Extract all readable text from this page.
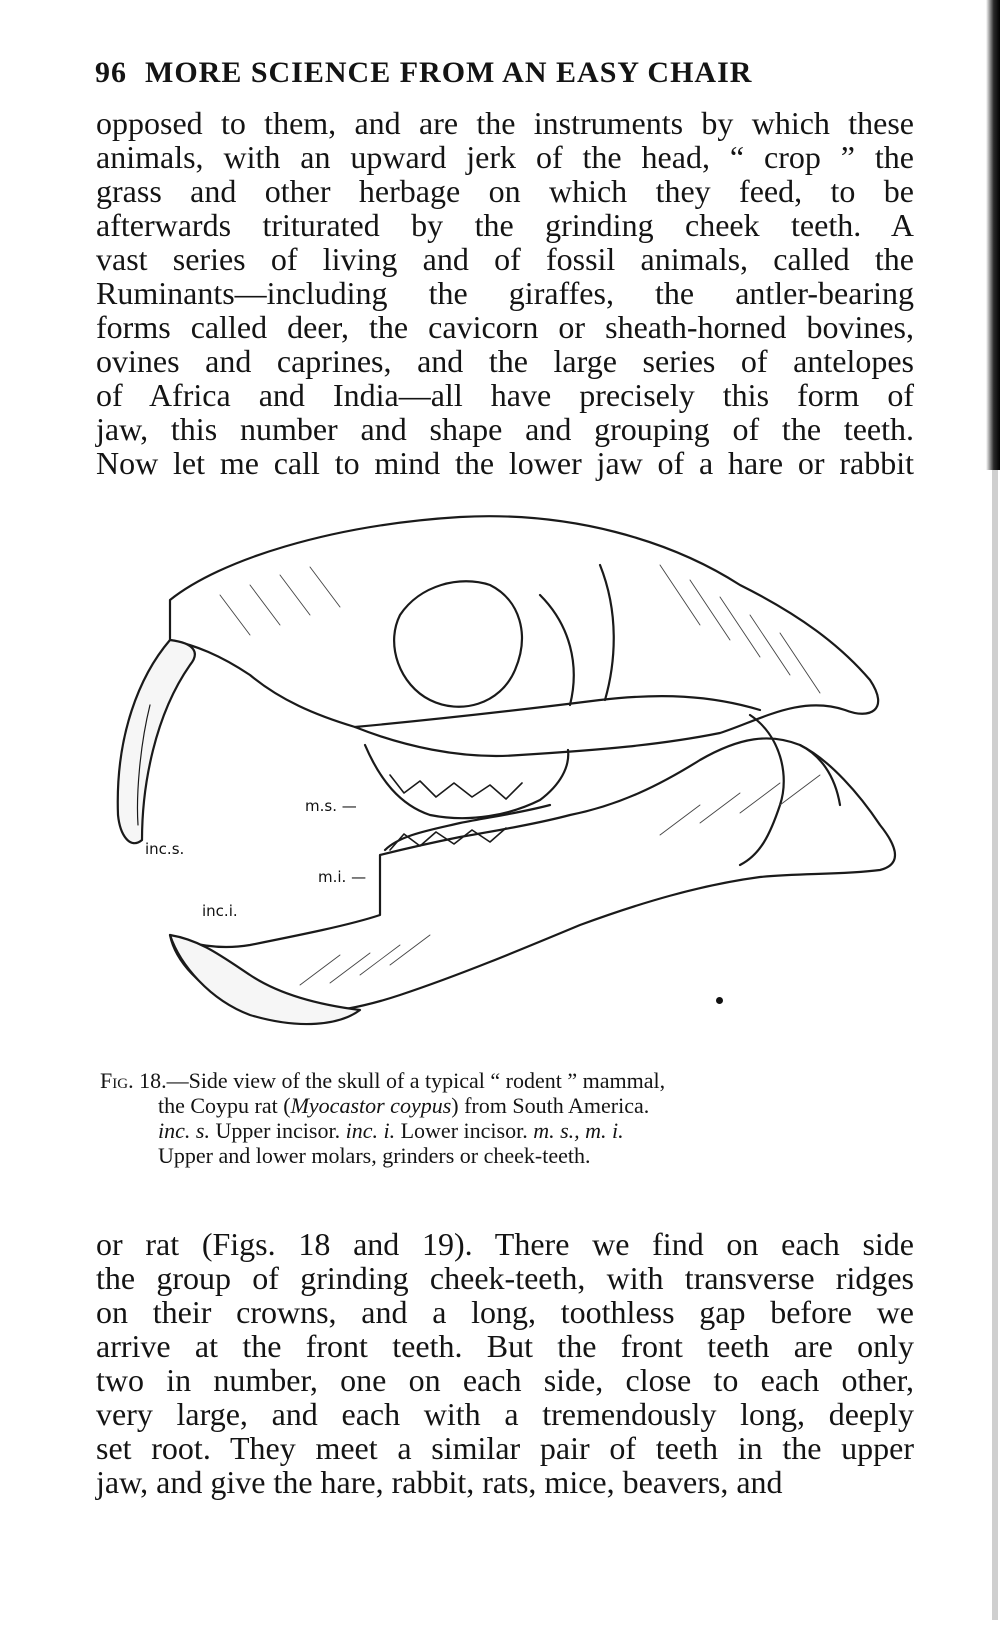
96 MORE SCIENCE FROM AN EASY CHAIR
opposed to them, and are the instruments by which these
animals, with an upward jerk of the head, “ crop ” the
grass and other herbage on which they feed, to be
afterwards triturated by the grinding cheek teeth. A
vast series of living and of fossil animals, called the
Ruminants—including the giraffes, the antler-bearing
forms called deer, the cavicorn or sheath-horned bovines,
ovines and caprines, and the large series of antelopes
of Africa and India—all have precisely this form of
jaw, this number and shape and grouping of the teeth.
Now let me call to mind the lower jaw of a hare or rabbit
m.s. —
inc.s.
m.i. —
inc.i.
Fig. 18.—Side view of the skull of a typical “ rodent ” mammal,
the Coypu rat (Myocastor coypus) from South America.
inc. s. Upper incisor. inc. i. Lower incisor. m. s., m. i.
Upper and lower molars, grinders or cheek-teeth.
or rat (Figs. 18 and 19). There we find on each side
the group of grinding cheek-teeth, with transverse ridges
on their crowns, and a long, toothless gap before we
arrive at the front teeth. But the front teeth are only
two in number, one on each side, close to each other,
very large, and each with a tremendously long, deeply
set root. They meet a similar pair of teeth in the upper
jaw, and give the hare, rabbit, rats, mice, beavers, and
